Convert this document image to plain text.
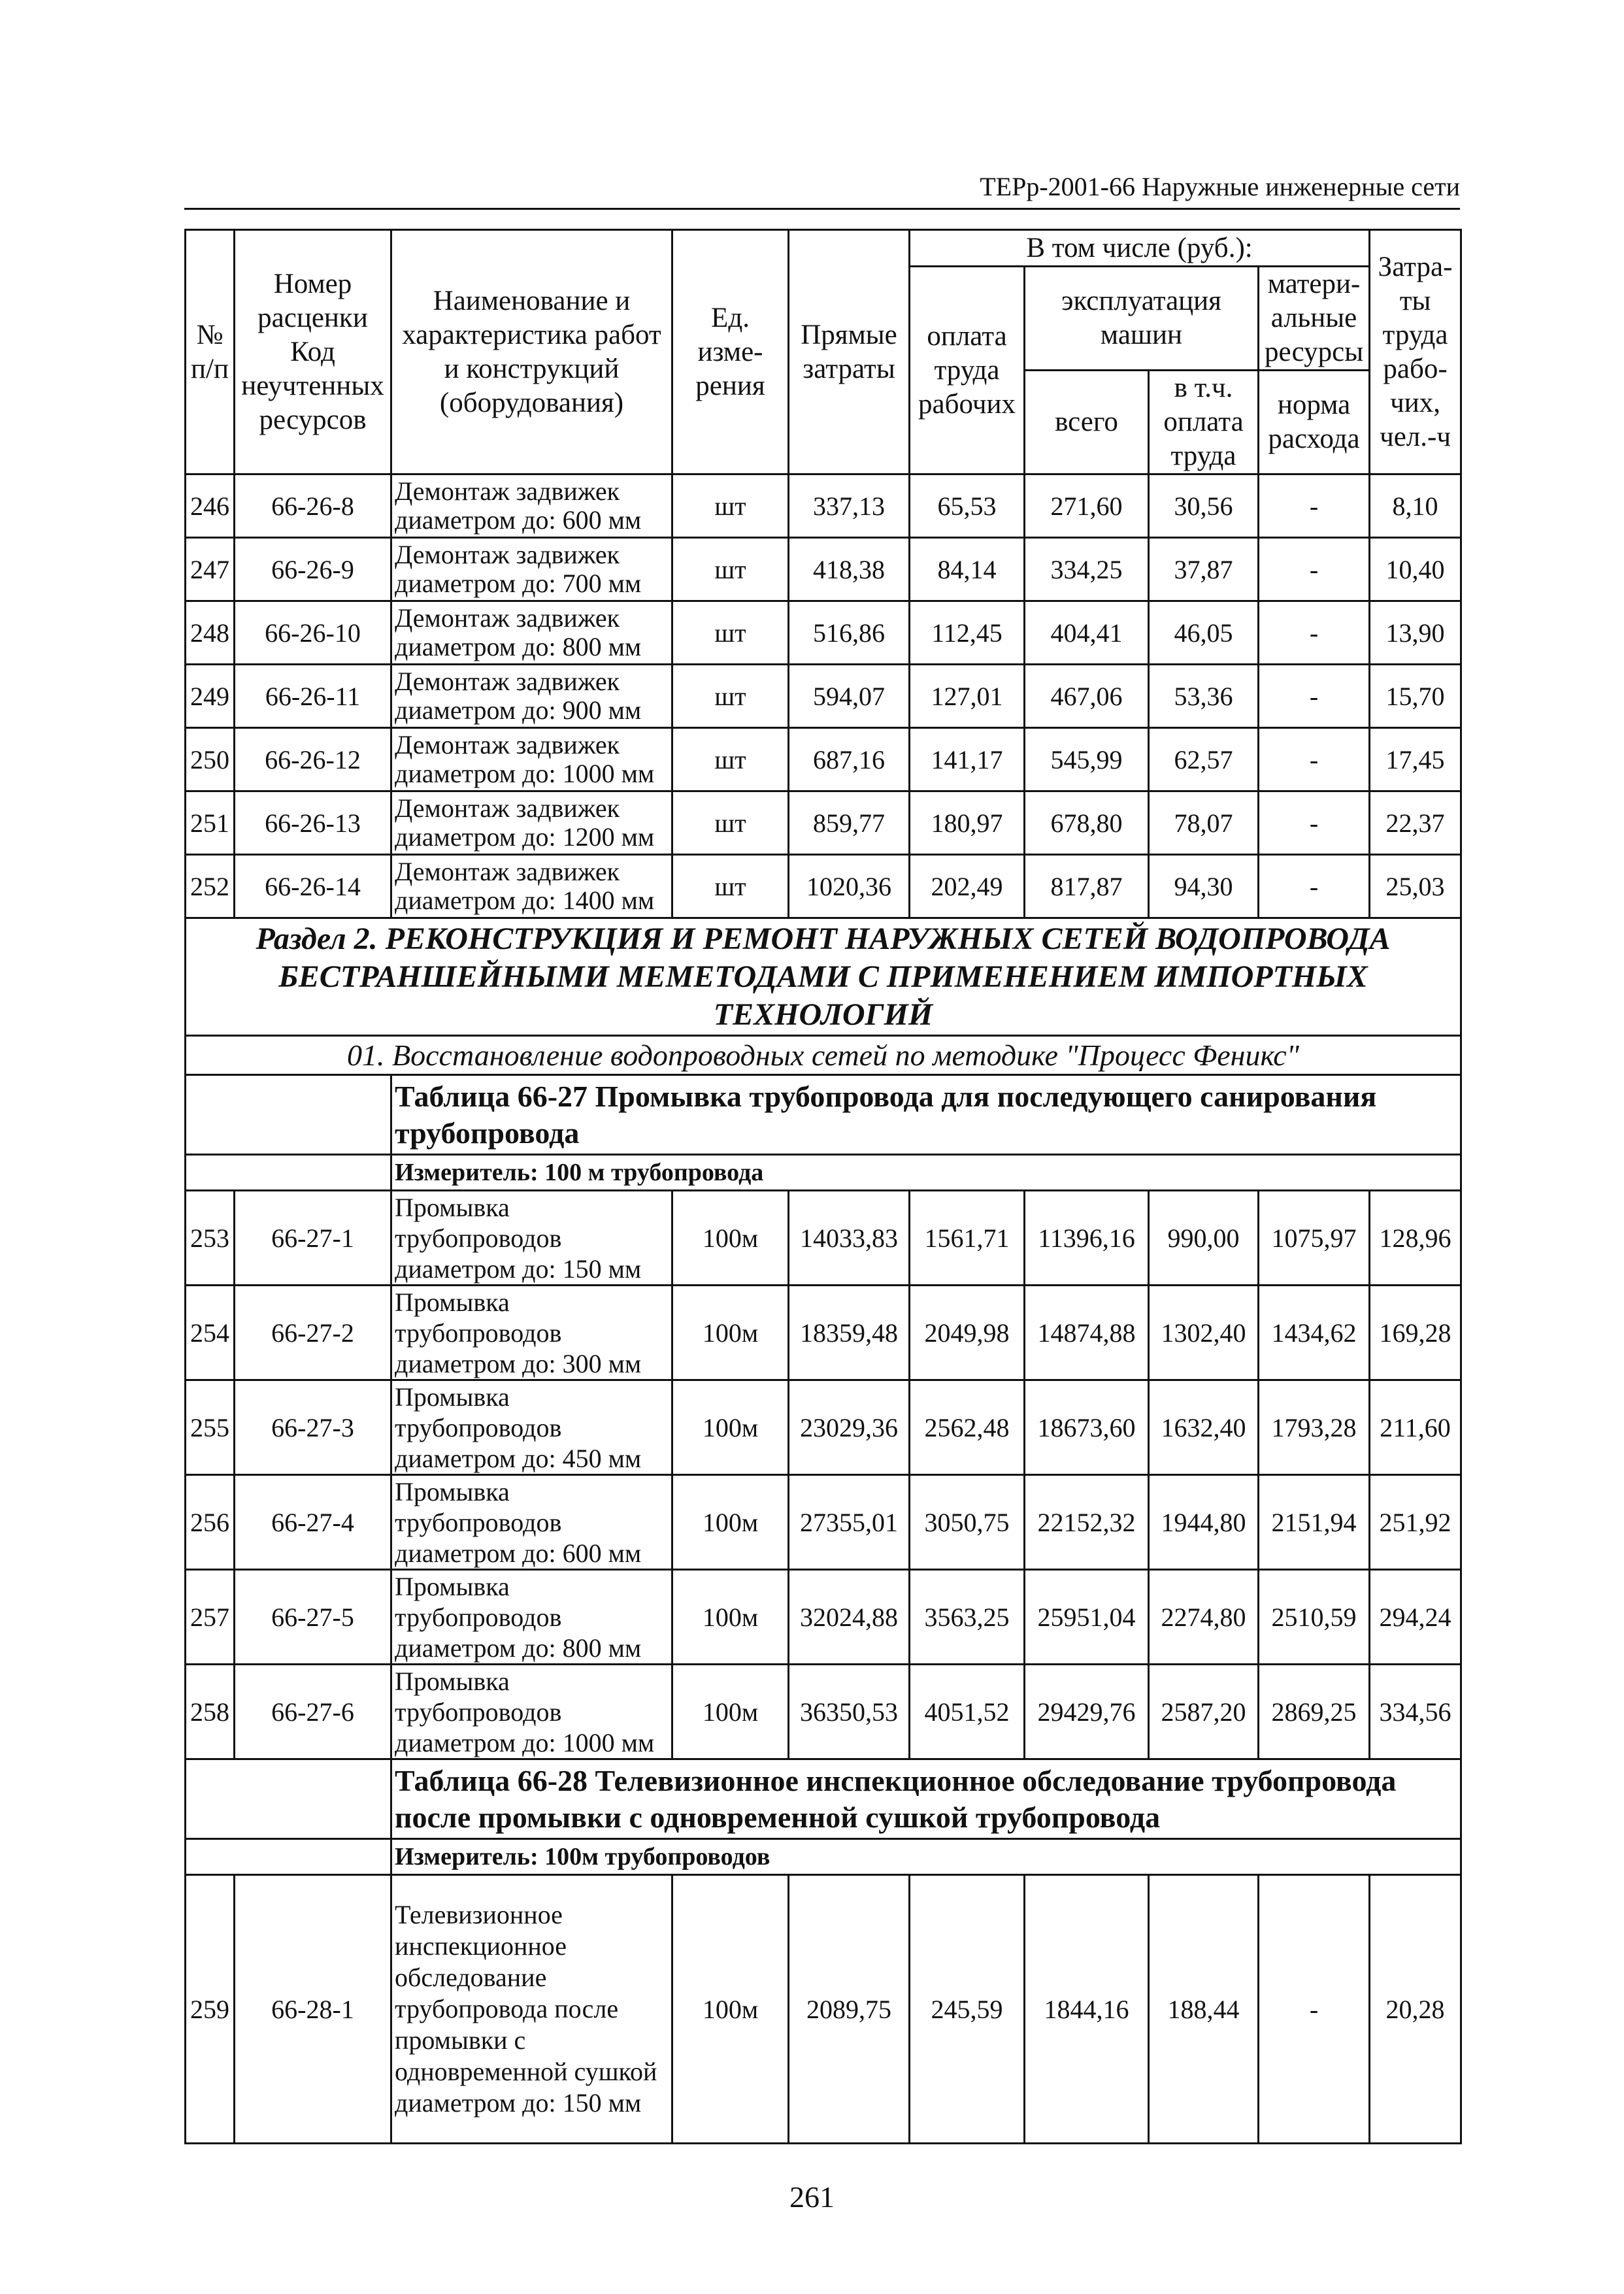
ТЕРр-2001-66 Наружные инженерные сети
№ п/п	Номер расценки Код неучтенных ресурсов	Наименование и характеристика работ и конструкций (оборудования)	Ед. изме-рения	Прямые затраты	В том числе (руб.):				Затра-ты труда рабо-чих, чел.-ч
					оплата труда рабочих	эксплуатация машин		матери-альные ресурсы	
						всего	в т.ч. оплата труда	норма расхода	

246	66-26-8	Демонтаж задвижек диаметром до: 600 мм	шт	337,13	65,53	271,60	30,56	-	8,10
247	66-26-9	Демонтаж задвижек диаметром до: 700 мм	шт	418,38	84,14	334,25	37,87	-	10,40
248	66-26-10	Демонтаж задвижек диаметром до: 800 мм	шт	516,86	112,45	404,41	46,05	-	13,90
249	66-26-11	Демонтаж задвижек диаметром до: 900 мм	шт	594,07	127,01	467,06	53,36	-	15,70
250	66-26-12	Демонтаж задвижек диаметром до: 1000 мм	шт	687,16	141,17	545,99	62,57	-	17,45
251	66-26-13	Демонтаж задвижек диаметром до: 1200 мм	шт	859,77	180,97	678,80	78,07	-	22,37
252	66-26-14	Демонтаж задвижек диаметром до: 1400 мм	шт	1020,36	202,49	817,87	94,30	-	25,03
Раздел 2. РЕКОНСТРУКЦИЯ И РЕМОНТ НАРУЖНЫХ СЕТЕЙ ВОДОПРОВОДА БЕСТРАНШЕЙНЫМИ МЕМЕТОДАМИ С ПРИМЕНЕНИЕМ ИМПОРТНЫХ ТЕХНОЛОГИЙ									
01. Восстановление водопроводных сетей по методике "Процесс Феникс"									
		Таблица 66-27 Промывка трубопровода для последующего санирования трубопровода							
		Измеритель: 100 м трубопровода							
253	66-27-1	Промывка трубопроводов диаметром до: 150 мм	100м	14033,83	1561,71	11396,16	990,00	1075,97	128,96
254	66-27-2	Промывка трубопроводов диаметром до: 300 мм	100м	18359,48	2049,98	14874,88	1302,40	1434,62	169,28
255	66-27-3	Промывка трубопроводов диаметром до: 450 мм	100м	23029,36	2562,48	18673,60	1632,40	1793,28	211,60
256	66-27-4	Промывка трубопроводов диаметром до: 600 мм	100м	27355,01	3050,75	22152,32	1944,80	2151,94	251,92
257	66-27-5	Промывка трубопроводов диаметром до: 800 мм	100м	32024,88	3563,25	25951,04	2274,80	2510,59	294,24
258	66-27-6	Промывка трубопроводов диаметром до: 1000 мм	100м	36350,53	4051,52	29429,76	2587,20	2869,25	334,56
		Таблица 66-28 Телевизионное инспекционное обследование трубопровода после промывки с одновременной сушкой трубопровода							
		Измеритель: 100м трубопроводов							
259	66-28-1	Телевизионное инспекционное обследование трубопровода после промывки с одновременной сушкой диаметром до: 150 мм	100м	2089,75	245,59	1844,16	188,44	-	20,28
261
